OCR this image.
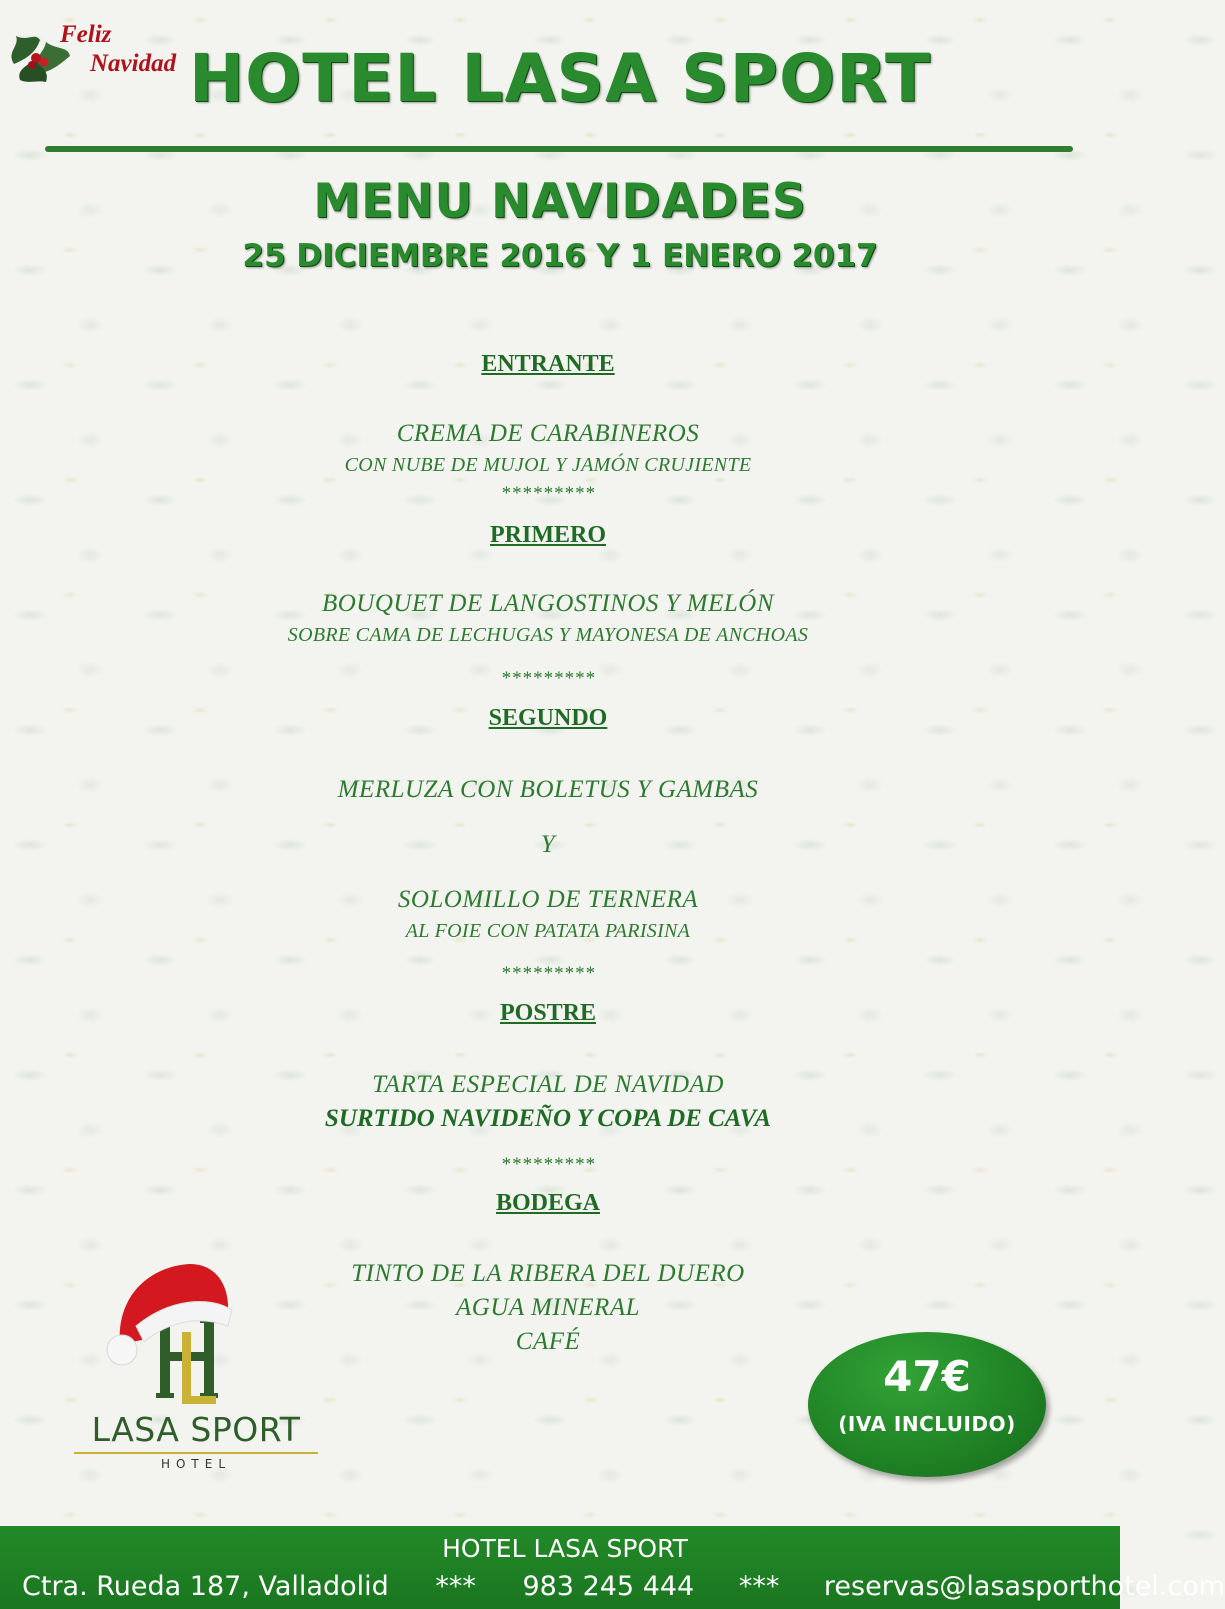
Feliz
Navidad HOTEL LASA SPORT
MENU NAVIDADES
25 DICIEMBRE 2016 Y 1 ENERO 2017

ENTRANTE

CREMA DE CARABINEROS

CON NUBE DE MUJOL Y JAMÓN CRUJIENTE

*********

PRIMERO

BOUQUET DE LANGOSTINOS Y MELÓN

SOBRE CAMA DE LECHUGAS Y MAYONESA DE ANCHOAS

*********

SEGUNDO

MERLUZA CON BOLETUS Y GAMBAS

Y

SOLOMILLO DE TERNERA

AL FOIE CON PATATA PARISINA

*********

POSTRE

TARTA ESPECIAL DE NAVIDAD

SURTIDO NAVIDEÑO Y COPA DE CAVA

*********

BODEGA

TINTO DE LA RIBERA DEL DUERO

AGUA MINERAL

CAFÉ

LASA SPORT
HOTEL
47€
(IVA INCLUIDO)
HOTEL LASA SPORT
Ctra. Rueda 187, Valladolid *** 983 245 444 *** reservas@lasasporthotel.com
